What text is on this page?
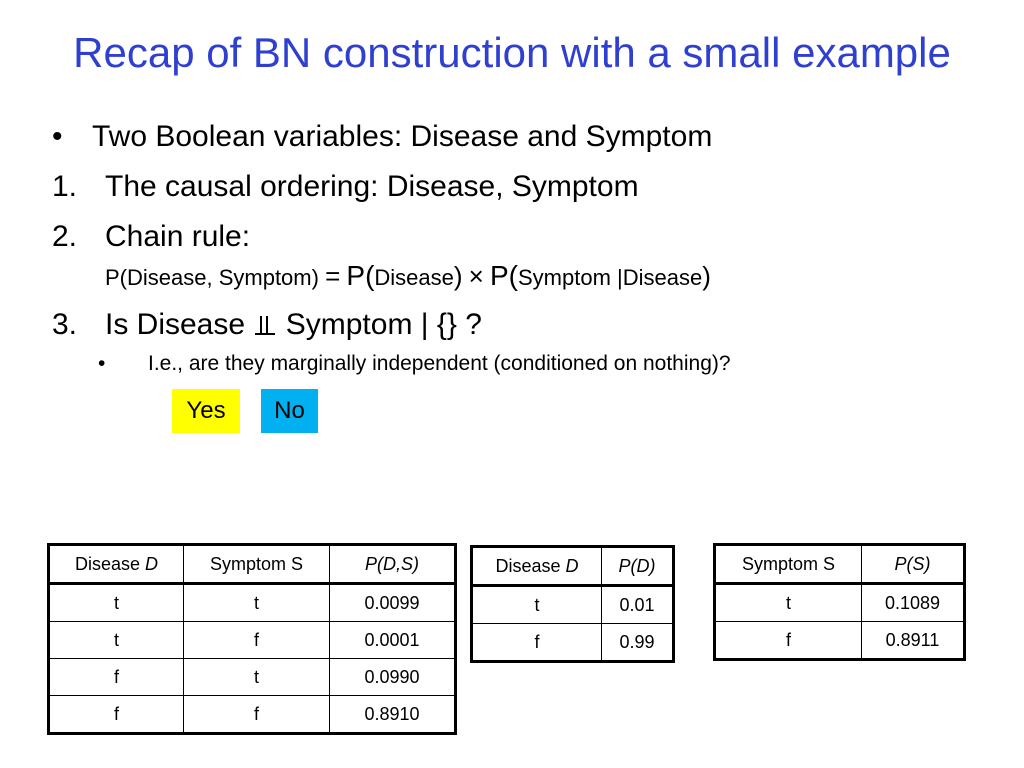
Recap of BN construction with a small example
• Two Boolean variables: Disease and Symptom
1. The causal ordering: Disease, Symptom
2. Chain rule:
P(Disease, Symptom) = P(Disease) × P(Symptom |Disease)
3. Is Disease Symptom | {} ?
• I.e., are they marginally independent (conditioned on nothing)?
Yes	No
Disease D	Symptom S	P(D,S)
t	t	0.0099
t	f	0.0001
f	t	0.0990
f	f	0.8910
Disease D	P(D)
t	0.01
f	0.99
Symptom S	P(S)
t	0.1089
f	0.8911
